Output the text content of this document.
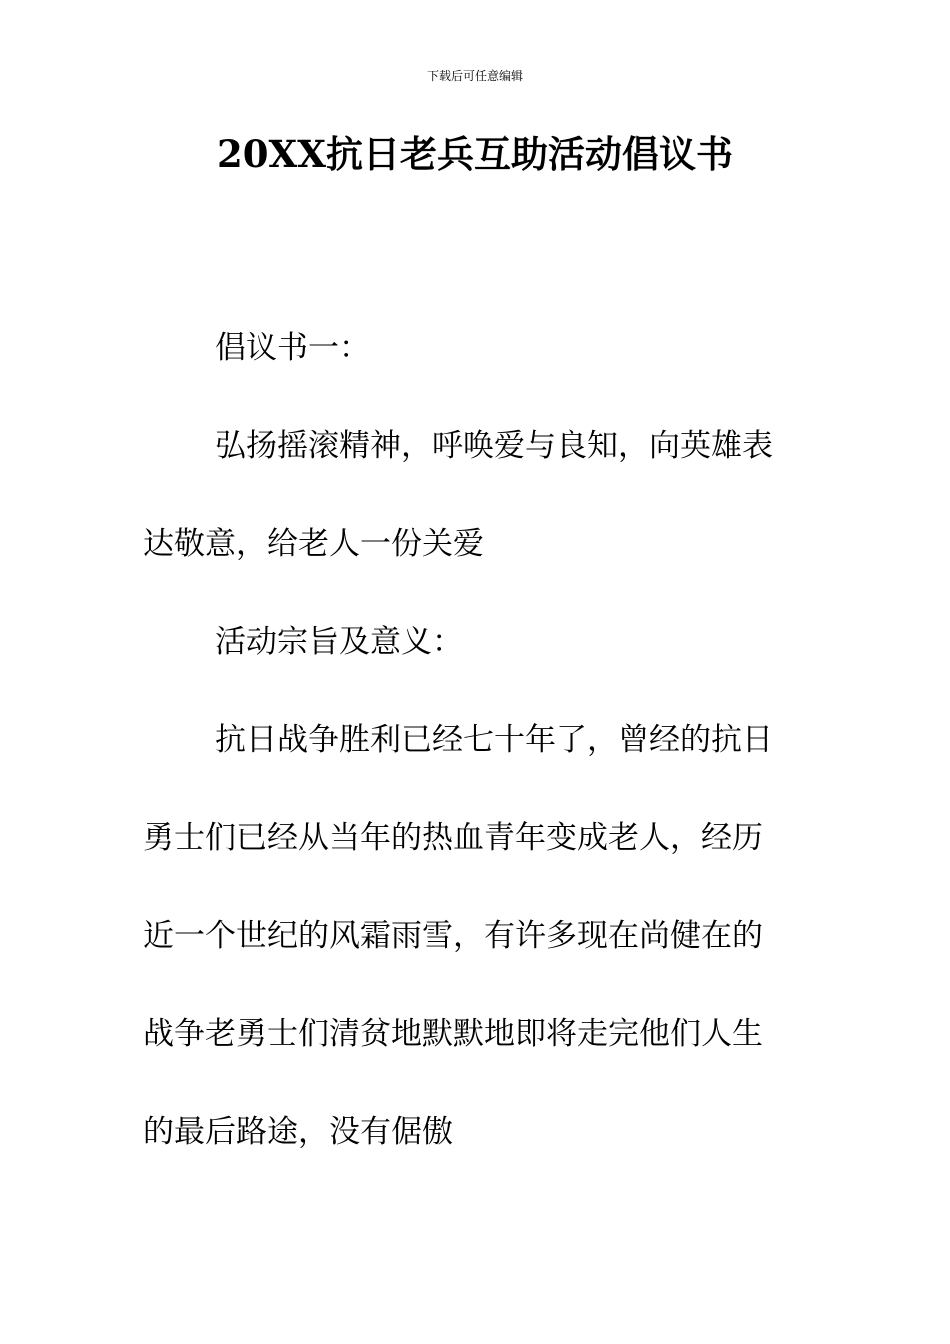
下载后可任意编辑
20XX抗日老兵互助活动倡议书

倡议书一：

弘扬摇滚精神，呼唤爱与良知，向英雄表达敬意，给老人一份关爱

活动宗旨及意义：

抗日战争胜利已经七十年了，曾经的抗日勇士们已经从当年的热血青年变成老人，经历近一个世纪的风霜雨雪，有许多现在尚健在的战争老勇士们清贫地默默地即将走完他们人生的最后路途，没有倨傲
